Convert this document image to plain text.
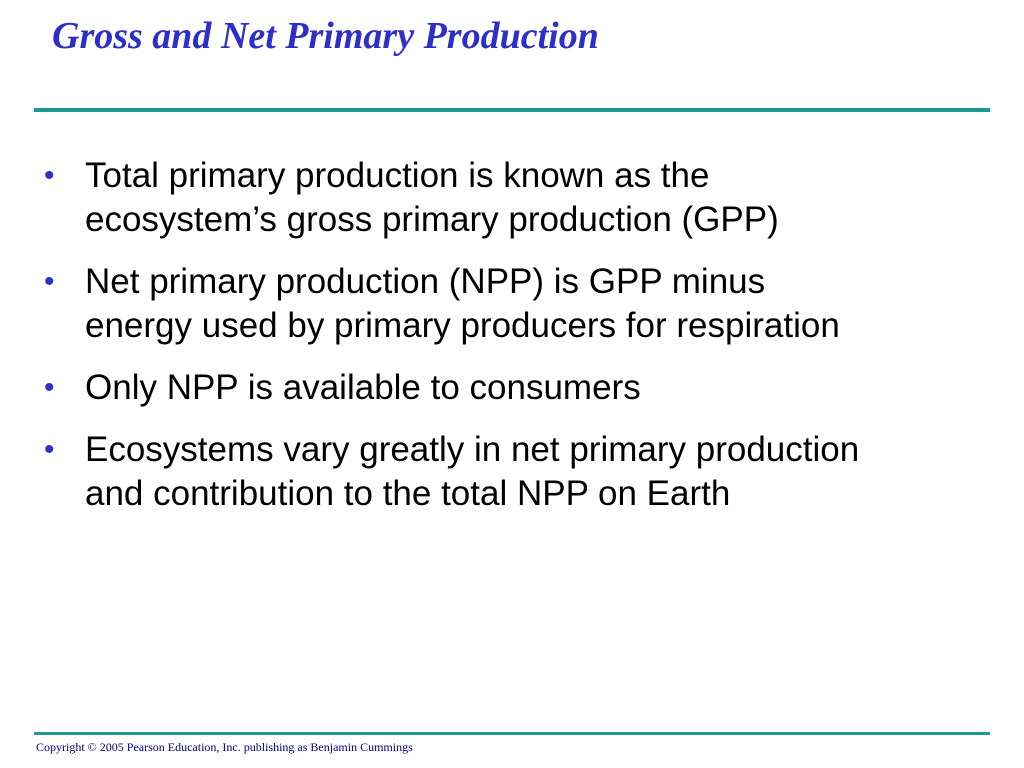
Gross and Net Primary Production
• Total primary production is known as the
ecosystem’s gross primary production (GPP)
• Net primary production (NPP) is GPP minus
energy used by primary producers for respiration
• Only NPP is available to consumers
• Ecosystems vary greatly in net primary production
and contribution to the total NPP on Earth

Copyright © 2005 Pearson Education, Inc. publishing as Benjamin Cummings
